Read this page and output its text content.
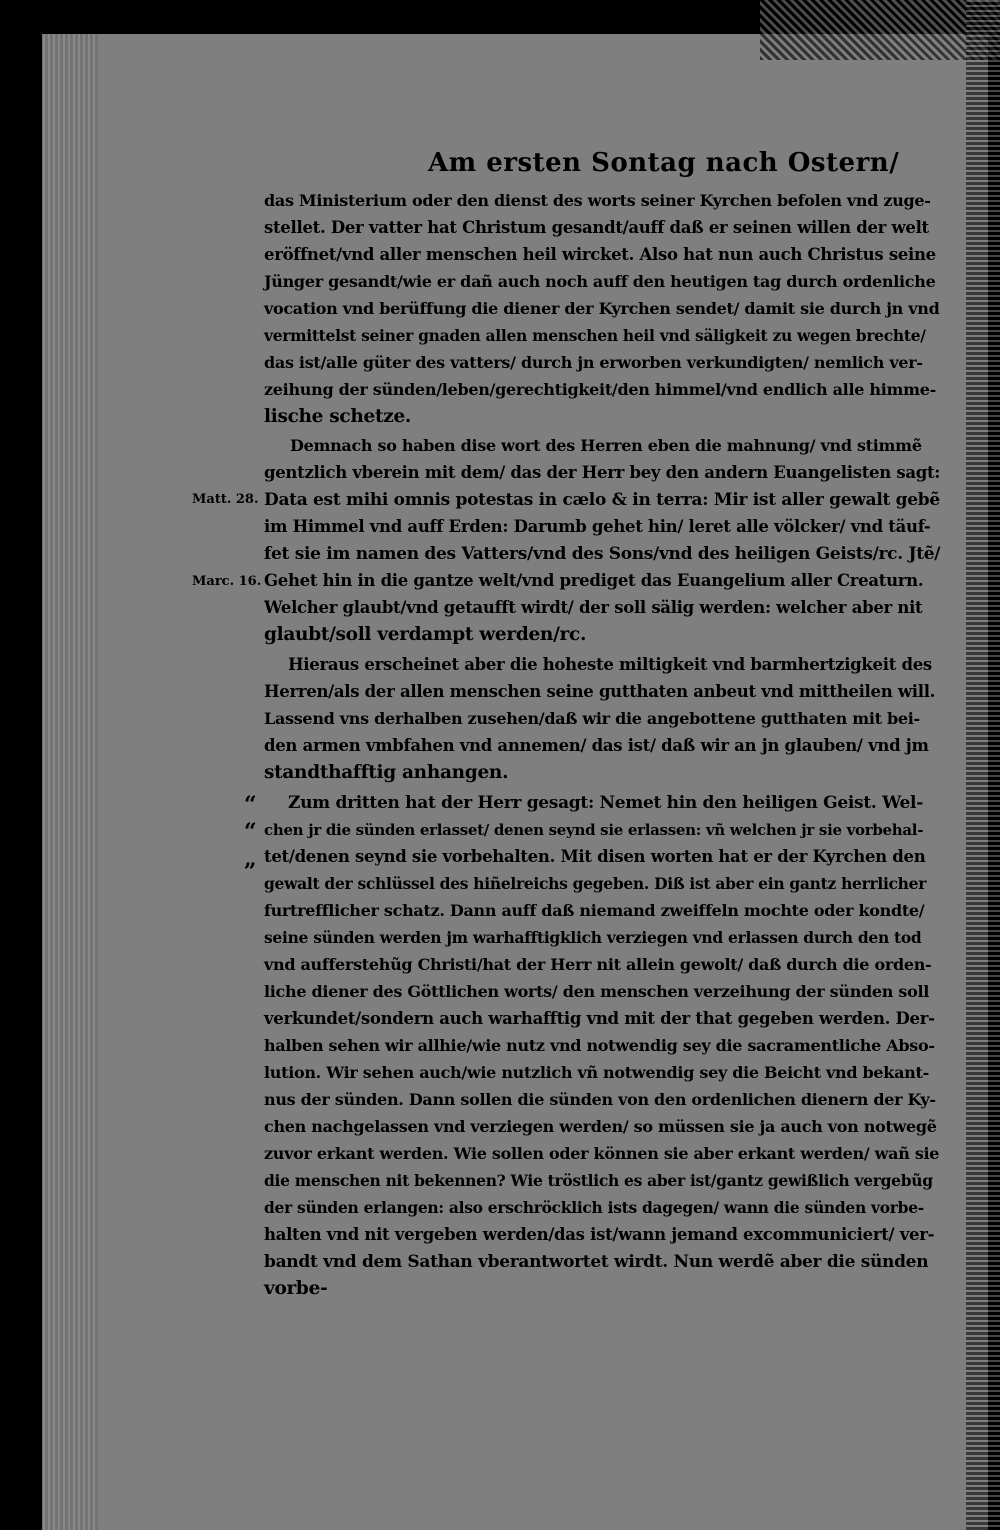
Am ersten Sontag nach Ostern/
das Ministerium oder den dienst des worts seiner Kyrchen befolen vnd zuge-
stellet. Der vatter hat Christum gesandt/auff daß er seinen willen der welt
eröffnet/vnd aller menschen heil wircket. Also hat nun auch Christus seine
Jünger gesandt/wie er dañ auch noch auff den heutigen tag durch ordenliche
vocation vnd berüffung die diener der Kyrchen sendet/ damit sie durch jn vnd
vermittelst seiner gnaden allen menschen heil vnd säligkeit zu wegen brechte/
das ist/alle güter des vatters/ durch jn erworben verkundigten/ nemlich ver-
zeihung der sünden/leben/gerechtigkeit/den himmel/vnd endlich alle himme-
lische schetze.
Demnach so haben dise wort des Herren eben die mahnung/ vnd stimmẽ
gentzlich vberein mit dem/ das der Herr bey den andern Euangelisten sagt:
Data est mihi omnis potestas in cælo & in terra: Mir ist aller gewalt gebẽ
im Himmel vnd auff Erden: Darumb gehet hin/ leret alle völcker/ vnd täuf-
fet sie im namen des Vatters/vnd des Sons/vnd des heiligen Geists/rc. Jtẽ/
Gehet hin in die gantze welt/vnd prediget das Euangelium aller Creaturn.
Welcher glaubt/vnd getaufft wirdt/ der soll sälig werden: welcher aber nit
glaubt/soll verdampt werden/rc.
Hieraus erscheinet aber die hoheste miltigkeit vnd barmhertzigkeit des
Herren/als der allen menschen seine gutthaten anbeut vnd mittheilen will.
Lassend vns derhalben zusehen/daß wir die angebottene gutthaten mit bei-
den armen vmbfahen vnd annemen/ das ist/ daß wir an jn glauben/ vnd jm
standthafftig anhangen.
Zum dritten hat der Herr gesagt: Nemet hin den heiligen Geist. Wel-
chen jr die sünden erlasset/ denen seynd sie erlassen: vñ welchen jr sie vorbehal-
tet/denen seynd sie vorbehalten. Mit disen worten hat er der Kyrchen den
gewalt der schlüssel des hiñelreichs gegeben. Diß ist aber ein gantz herrlicher
furtrefflicher schatz. Dann auff daß niemand zweiffeln mochte oder kondte/
seine sünden werden jm warhafftigklich verziegen vnd erlassen durch den tod
vnd aufferstehũg Christi/hat der Herr nit allein gewolt/ daß durch die orden-
liche diener des Göttlichen worts/ den menschen verzeihung der sünden soll
verkundet/sondern auch warhafftig vnd mit der that gegeben werden. Der-
halben sehen wir allhie/wie nutz vnd notwendig sey die sacramentliche Abso-
lution. Wir sehen auch/wie nutzlich vñ notwendig sey die Beicht vnd bekant-
nus der sünden. Dann sollen die sünden von den ordenlichen dienern der Ky-
chen nachgelassen vnd verziegen werden/ so müssen sie ja auch von notwegẽ
zuvor erkant werden. Wie sollen oder können sie aber erkant werden/ wañ sie
die menschen nit bekennen? Wie tröstlich es aber ist/gantz gewißlich vergebũg
der sünden erlangen: also erschröcklich ists dagegen/ wann die sünden vorbe-
halten vnd nit vergeben werden/das ist/wann jemand excommuniciert/ ver-
bandt vnd dem Sathan vberantwortet wirdt. Nun werdẽ aber die sünden
vorbe-
Matt. 28.
Marc. 16.
“
“
„
